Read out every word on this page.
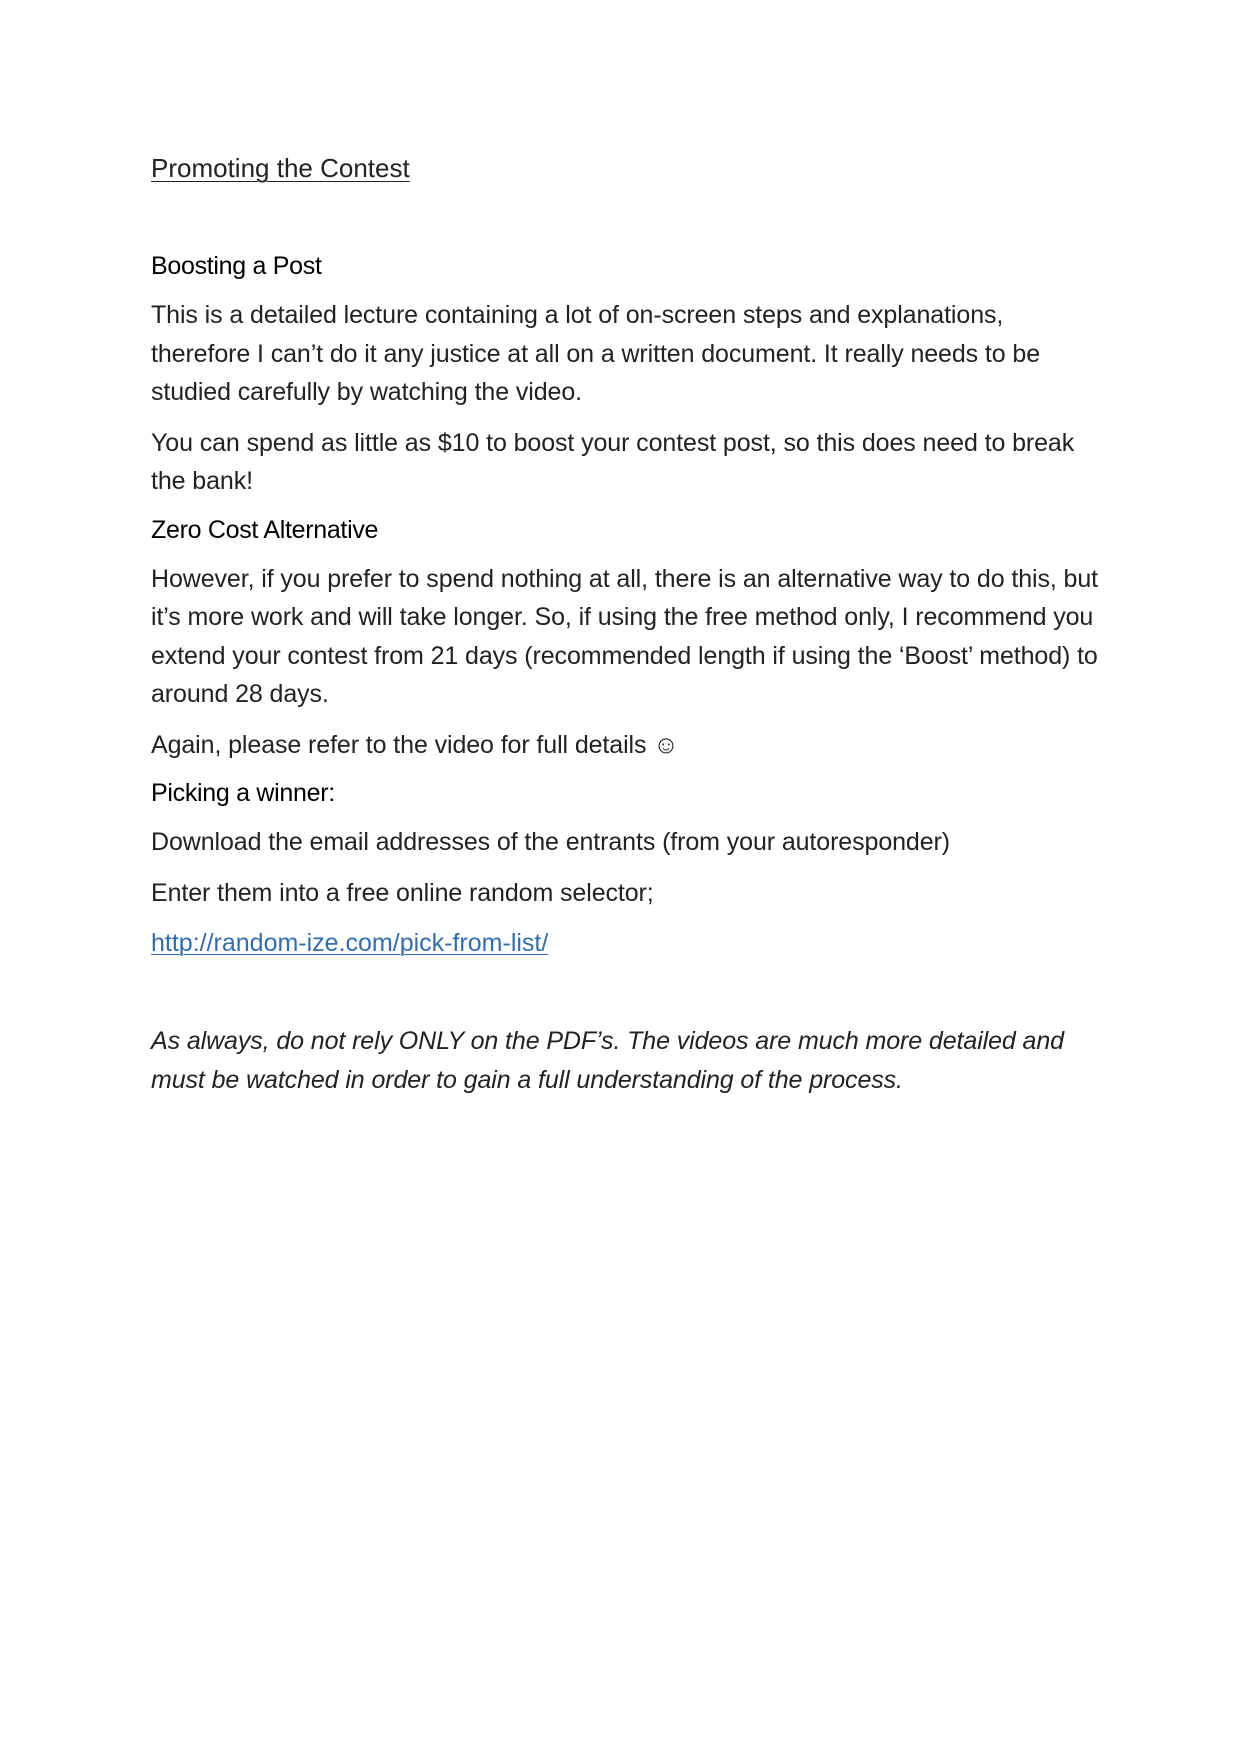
Promoting the Contest

Boosting a Post

This is a detailed lecture containing a lot of on-screen steps and explanations, therefore I can’t do it any justice at all on a written document. It really needs to be studied carefully by watching the video.

You can spend as little as $10 to boost your contest post, so this does need to break the bank!

Zero Cost Alternative

However, if you prefer to spend nothing at all, there is an alternative way to do this, but it’s more work and will take longer. So, if using the free method only, I recommend you extend your contest from 21 days (recommended length if using the ‘Boost’ method) to around 28 days.

Again, please refer to the video for full details ☺

Picking a winner:

Download the email addresses of the entrants (from your autoresponder)

Enter them into a free online random selector;

http://random-ize.com/pick-from-list/

As always, do not rely ONLY on the PDF’s. The videos are much more detailed and must be watched in order to gain a full understanding of the process.
